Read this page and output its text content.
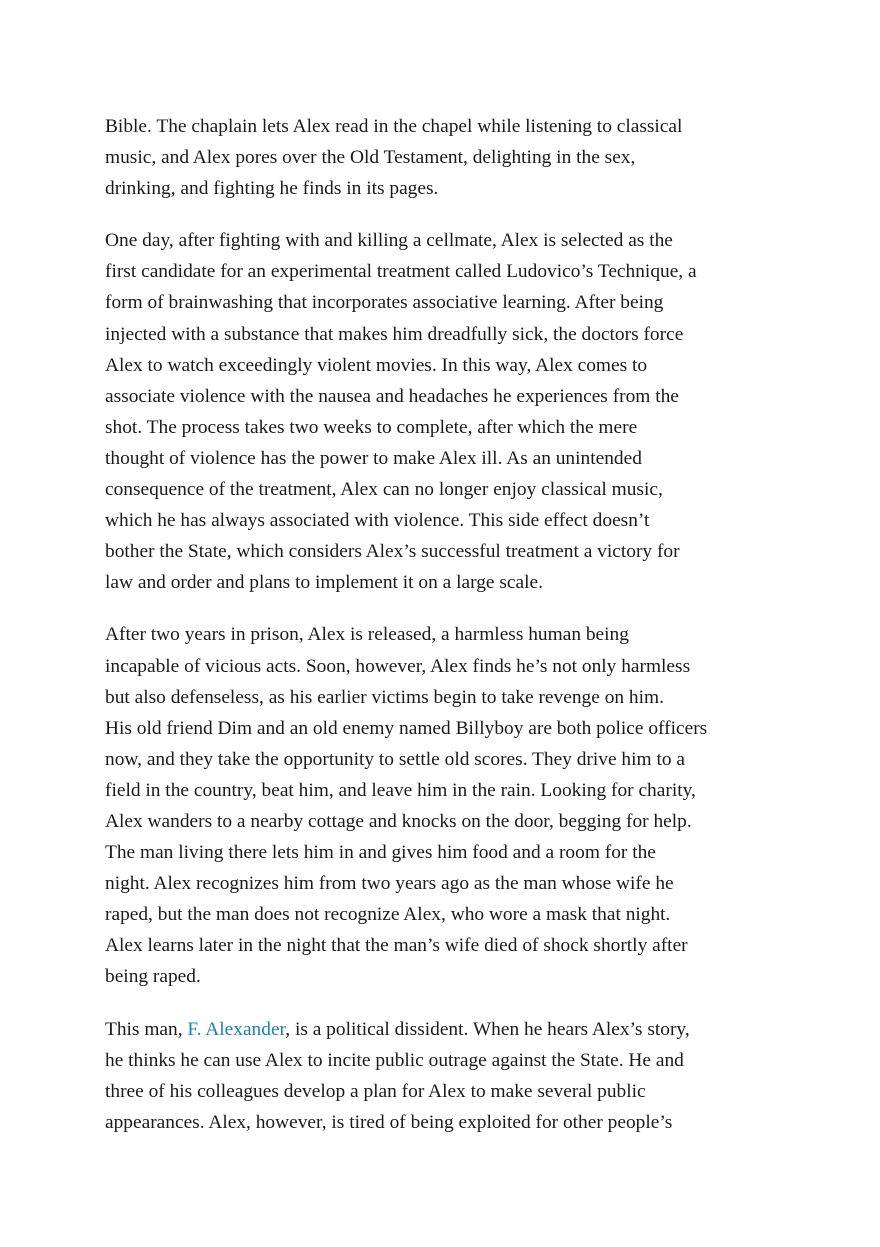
Bible. The chaplain lets Alex read in the chapel while listening to classical
music, and Alex pores over the Old Testament, delighting in the sex,
drinking, and fighting he finds in its pages.

One day, after fighting with and killing a cellmate, Alex is selected as the
first candidate for an experimental treatment called Ludovico’s Technique, a
form of brainwashing that incorporates associative learning. After being
injected with a substance that makes him dreadfully sick, the doctors force
Alex to watch exceedingly violent movies. In this way, Alex comes to
associate violence with the nausea and headaches he experiences from the
shot. The process takes two weeks to complete, after which the mere
thought of violence has the power to make Alex ill. As an unintended
consequence of the treatment, Alex can no longer enjoy classical music,
which he has always associated with violence. This side effect doesn’t
bother the State, which considers Alex’s successful treatment a victory for
law and order and plans to implement it on a large scale.

After two years in prison, Alex is released, a harmless human being
incapable of vicious acts. Soon, however, Alex finds he’s not only harmless
but also defenseless, as his earlier victims begin to take revenge on him.
His old friend Dim and an old enemy named Billyboy are both police officers
now, and they take the opportunity to settle old scores. They drive him to a
field in the country, beat him, and leave him in the rain. Looking for charity,
Alex wanders to a nearby cottage and knocks on the door, begging for help.
The man living there lets him in and gives him food and a room for the
night. Alex recognizes him from two years ago as the man whose wife he
raped, but the man does not recognize Alex, who wore a mask that night.
Alex learns later in the night that the man’s wife died of shock shortly after
being raped.

This man, F. Alexander, is a political dissident. When he hears Alex’s story,
he thinks he can use Alex to incite public outrage against the State. He and
three of his colleagues develop a plan for Alex to make several public
appearances. Alex, however, is tired of being exploited for other people’s
